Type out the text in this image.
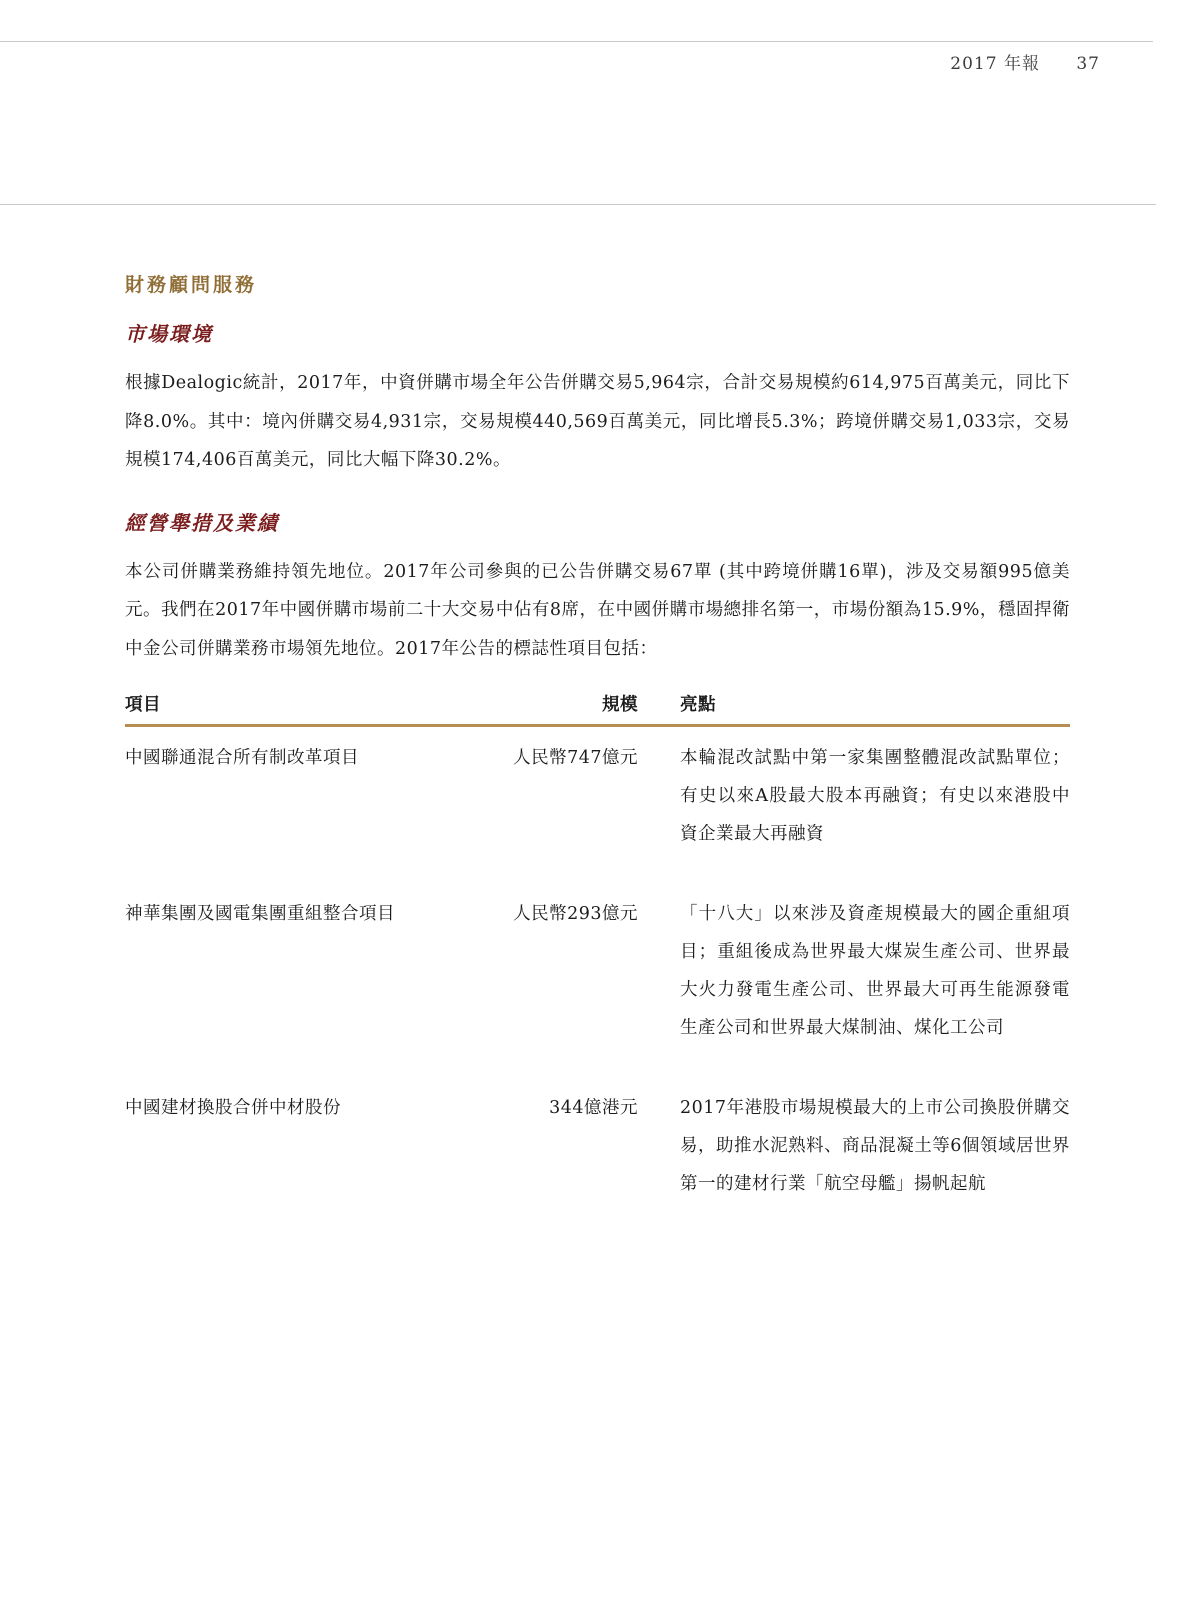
2017 年報 37
財務顧問服務
市場環境

根據Dealogic統計，2017年，中資併購市場全年公告併購交易5,964宗，合計交易規模約614,975百萬美元，同比下降8.0%。其中：境內併購交易4,931宗，交易規模440,569百萬美元，同比增長5.3%；跨境併購交易1,033宗，交易規模174,406百萬美元，同比大幅下降30.2%。

經營舉措及業績

本公司併購業務維持領先地位。2017年公司參與的已公告併購交易67單 (其中跨境併購16單)，涉及交易額995億美元。我們在2017年中國併購市場前二十大交易中佔有8席，在中國併購市場總排名第一，市場份額為15.9%，穩固捍衛中金公司併購業務市場領先地位。2017年公告的標誌性項目包括：

項目	規模 亮點
中國聯通混合所有制改革項目	人民幣747億元 本輪混改試點中第一家集團整體混改試點單位；有史以來A股最大股本再融資；有史以來港股中資企業最大再融資
神華集團及國電集團重組整合項目	人民幣293億元 「十八大」以來涉及資產規模最大的國企重組項目；重組後成為世界最大煤炭生產公司、世界最大火力發電生產公司、世界最大可再生能源發電生產公司和世界最大煤制油、煤化工公司
中國建材換股合併中材股份	344億港元 2017年港股市場規模最大的上市公司換股併購交易，助推水泥熟料、商品混凝土等6個領域居世界第一的建材行業「航空母艦」揚帆起航
